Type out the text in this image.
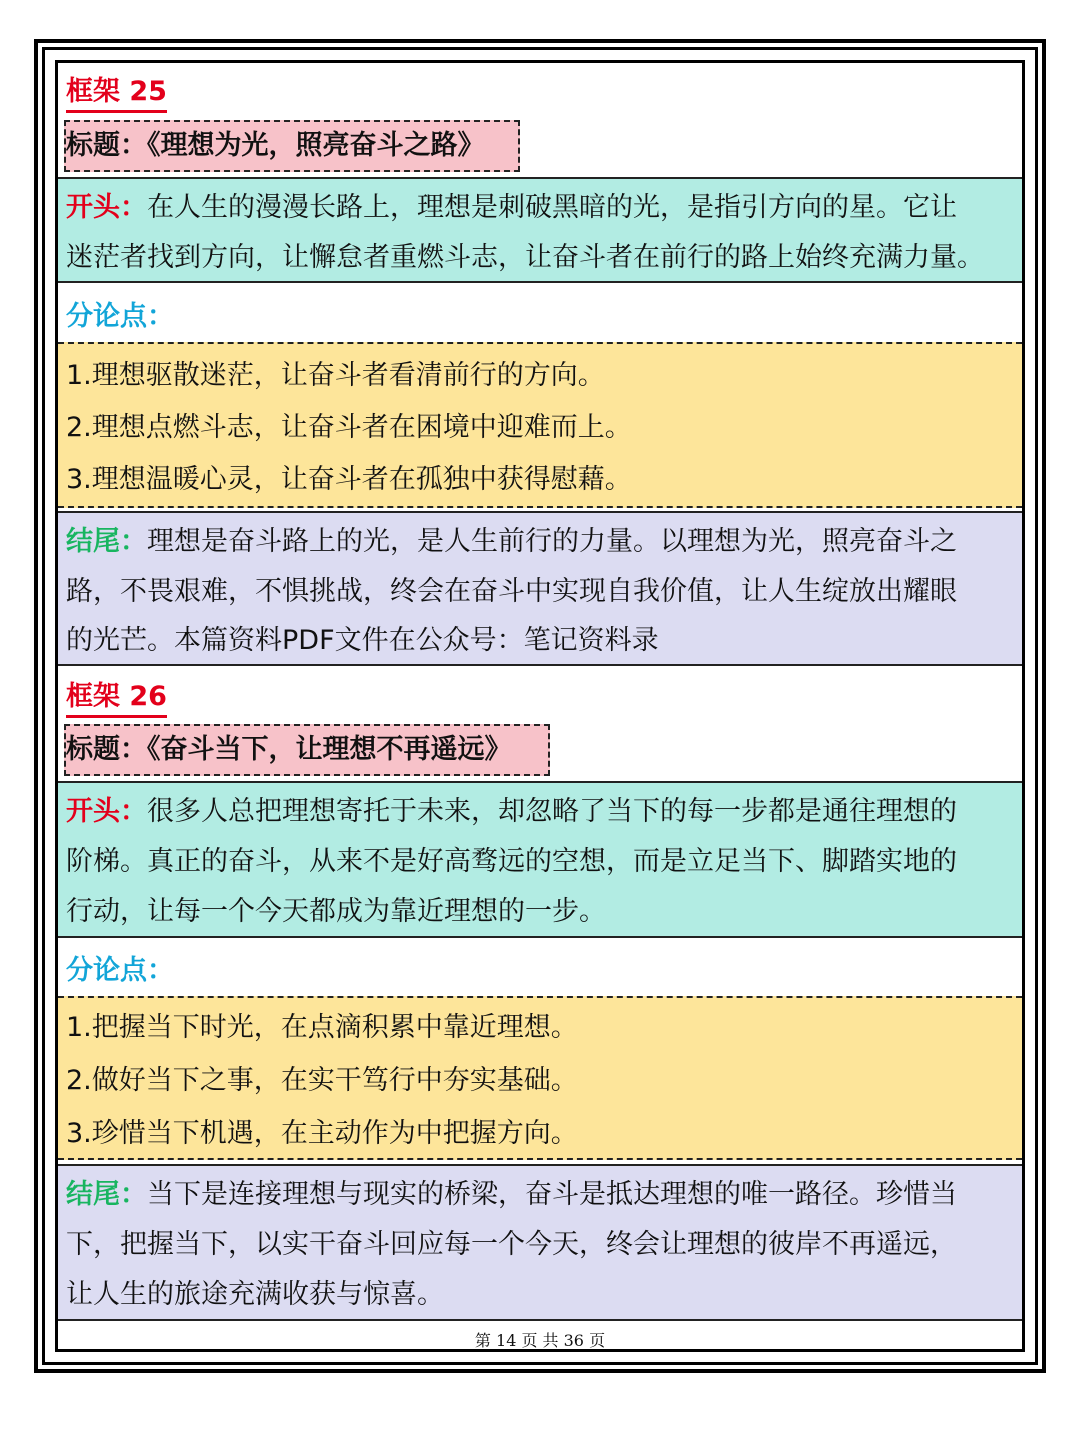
框架 25
标题：《理想为光，照亮奋斗之路》
开头：在人生的漫漫长路上，理想是刺破黑暗的光，是指引方向的星。它让
迷茫者找到方向，让懈怠者重燃斗志，让奋斗者在前行的路上始终充满力量。
分论点：
1.理想驱散迷茫，让奋斗者看清前行的方向。
2.理想点燃斗志，让奋斗者在困境中迎难而上。
3.理想温暖心灵，让奋斗者在孤独中获得慰藉。
结尾：理想是奋斗路上的光，是人生前行的力量。以理想为光，照亮奋斗之
路，不畏艰难，不惧挑战，终会在奋斗中实现自我价值，让人生绽放出耀眼
的光芒。本篇资料PDF文件在公众号：笔记资料录
框架 26
标题：《奋斗当下，让理想不再遥远》
开头：很多人总把理想寄托于未来，却忽略了当下的每一步都是通往理想的
阶梯。真正的奋斗，从来不是好高骛远的空想，而是立足当下、脚踏实地的
行动，让每一个今天都成为靠近理想的一步。
分论点：
1.把握当下时光，在点滴积累中靠近理想。
2.做好当下之事，在实干笃行中夯实基础。
3.珍惜当下机遇，在主动作为中把握方向。
结尾：当下是连接理想与现实的桥梁，奋斗是抵达理想的唯一路径。珍惜当
下，把握当下，以实干奋斗回应每一个今天，终会让理想的彼岸不再遥远，
让人生的旅途充满收获与惊喜。
第 14 页 共 36 页
